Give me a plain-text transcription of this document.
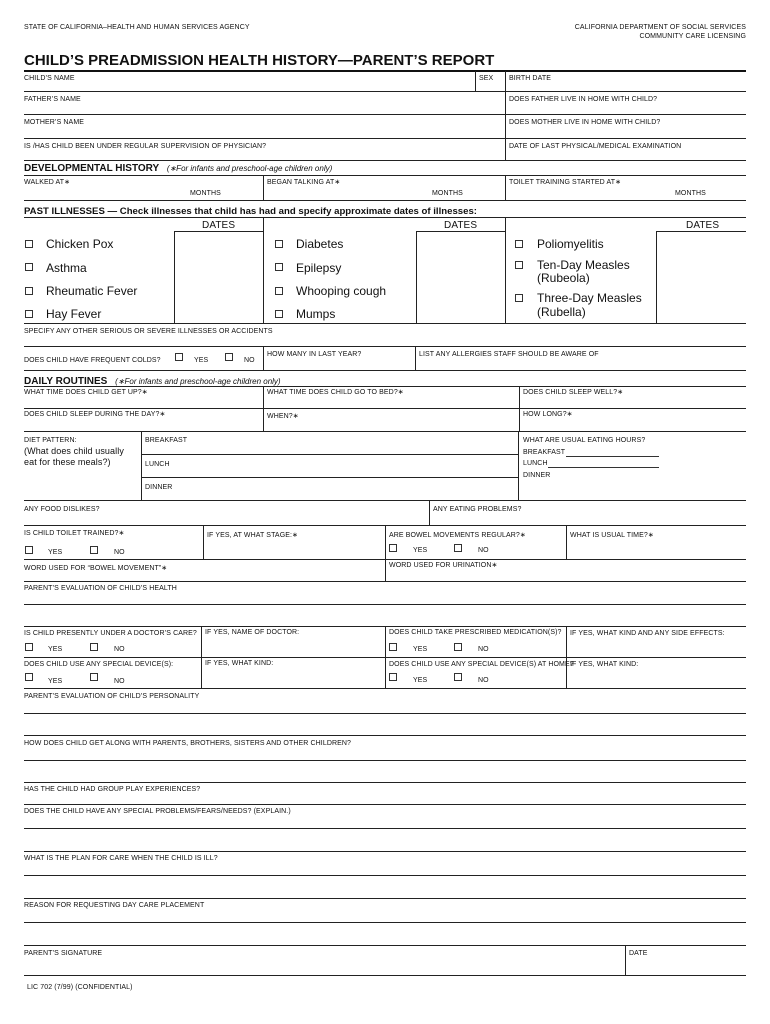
STATE OF CALIFORNIA–HEALTH AND HUMAN SERVICES AGENCY	CALIFORNIA DEPARTMENT OF SOCIAL SERVICES
COMMUNITY CARE LICENSING
CHILD’S PREADMISSION HEALTH HISTORY—PARENT’S REPORT
CHILD’S NAME	SEX BIRTH DATE
FATHER’S NAME	DOES FATHER LIVE IN HOME WITH CHILD?
MOTHER’S NAME	DOES MOTHER LIVE IN HOME WITH CHILD?
IS /HAS CHILD BEEN UNDER REGULAR SUPERVISION OF PHYSICIAN?	DATE OF LAST PHYSICAL/MEDICAL EXAMINATION
DEVELOPMENTAL HISTORY (∗For infants and preschool-age children only)
WALKED AT∗	BEGAN TALKING AT∗	TOILET TRAINING STARTED AT∗
MONTHS	MONTHS	MONTHS
PAST ILLNESSES — Check illnesses that child has had and specify approximate dates of illnesses:
DATES	DATES	DATES
Chicken Pox
Asthma
Rheumatic Fever
Hay Fever
Diabetes
Epilepsy
Whooping cough
Mumps
Poliomyelitis
Ten-Day Measles
(Rubeola)
Three-Day Measles
(Rubella)
SPECIFY ANY OTHER SERIOUS OR SEVERE ILLNESSES OR ACCIDENTS
DOES CHILD HAVE FREQUENT COLDS?	YES	NO
HOW MANY IN LAST YEAR?	LIST ANY ALLERGIES STAFF SHOULD BE AWARE OF
DAILY ROUTINES (∗For infants and preschool-age children only)
WHAT TIME DOES CHILD GET UP?∗	WHAT TIME DOES CHILD GO TO BED?∗	DOES CHILD SLEEP WELL?∗
DOES CHILD SLEEP DURING THE DAY?∗	WHEN?∗	HOW LONG?∗
DIET PATTERN:
(What does child usually
eat for these meals?)
BREAKFAST
LUNCH
DINNER
WHAT ARE USUAL EATING HOURS?
BREAKFAST
LUNCH
DINNER
ANY FOOD DISLIKES?	ANY EATING PROBLEMS?
IS CHILD TOILET TRAINED?∗
YES	NO
IF YES, AT WHAT STAGE:∗	ARE BOWEL MOVEMENTS REGULAR?∗
YES	NO
WHAT IS USUAL TIME?∗
WORD USED FOR “BOWEL MOVEMENT”∗	WORD USED FOR URINATION∗
PARENT’S EVALUATION OF CHILD’S HEALTH
IS CHILD PRESENTLY UNDER A DOCTOR’S CARE?
YES	NO
IF YES, NAME OF DOCTOR:	DOES CHILD TAKE PRESCRIBED MEDICATION(S)?
YES	NO
IF YES, WHAT KIND AND ANY SIDE EFFECTS:
DOES CHILD USE ANY SPECIAL DEVICE(S):
YES	NO
IF YES, WHAT KIND:	DOES CHILD USE ANY SPECIAL DEVICE(S) AT HOME?
YES	NO
IF YES, WHAT KIND:
PARENT’S EVALUATION OF CHILD’S PERSONALITY
HOW DOES CHILD GET ALONG WITH PARENTS, BROTHERS, SISTERS AND OTHER CHILDREN?
HAS THE CHILD HAD GROUP PLAY EXPERIENCES?
DOES THE CHILD HAVE ANY SPECIAL PROBLEMS/FEARS/NEEDS? (EXPLAIN.)
WHAT IS THE PLAN FOR CARE WHEN THE CHILD IS ILL?
REASON FOR REQUESTING DAY CARE PLACEMENT
PARENT’S SIGNATURE	DATE
LIC 702 (7/99) (CONFIDENTIAL)
